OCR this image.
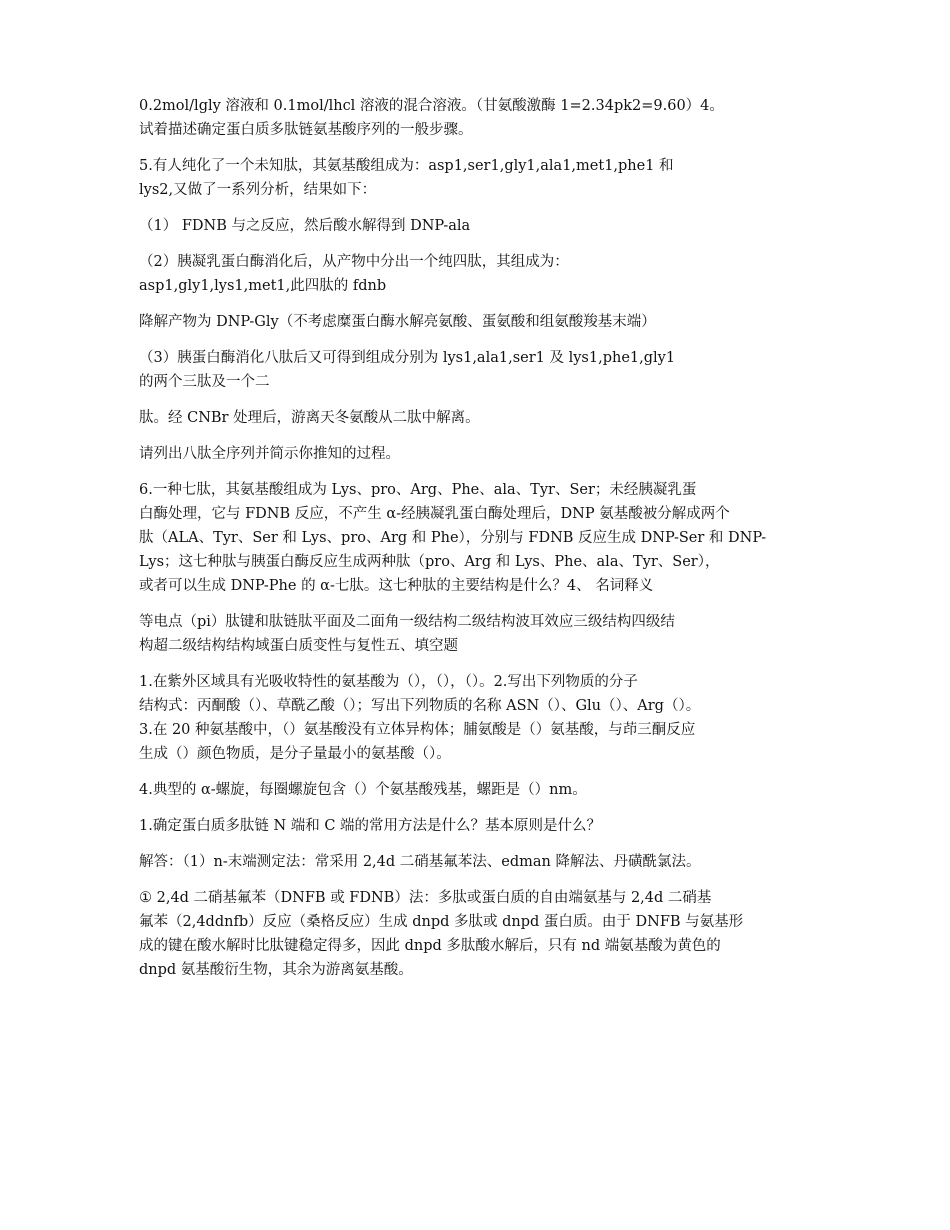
0.2mol/lgly 溶液和 0.1mol/lhcl 溶液的混合溶液。（甘氨酸激酶 1=2.34pk2=9.60）4。
试着描述确定蛋白质多肽链氨基酸序列的一般步骤。
5.有人纯化了一个未知肽，其氨基酸组成为：asp1,ser1,gly1,ala1,met1,phe1 和
lys2,又做了一系列分析，结果如下：
（1） FDNB 与之反应，然后酸水解得到 DNP-ala
（2）胰凝乳蛋白酶消化后，从产物中分出一个纯四肽，其组成为：
asp1,gly1,lys1,met1,此四肽的 fdnb
降解产物为 DNP-Gly（不考虑糜蛋白酶水解亮氨酸、蛋氨酸和组氨酸羧基末端）
（3）胰蛋白酶消化八肽后又可得到组成分别为 lys1,ala1,ser1 及 lys1,phe1,gly1
的两个三肽及一个二
肽。经 CNBr 处理后，游离天冬氨酸从二肽中解离。
请列出八肽全序列并简示你推知的过程。
6.一种七肽，其氨基酸组成为 Lys、pro、Arg、Phe、ala、Tyr、Ser；未经胰凝乳蛋
白酶处理，它与 FDNB 反应，不产生 α-经胰凝乳蛋白酶处理后，DNP 氨基酸被分解成两个
肽（ALA、Tyr、Ser 和 Lys、pro、Arg 和 Phe），分别与 FDNB 反应生成 DNP-Ser 和 DNP-
Lys；这七种肽与胰蛋白酶反应生成两种肽（pro、Arg 和 Lys、Phe、ala、Tyr、Ser），
或者可以生成 DNP-Phe 的 α-七肽。这七种肽的主要结构是什么？4、 名词释义
等电点（pi）肽键和肽链肽平面及二面角一级结构二级结构波耳效应三级结构四级结
构超二级结构结构域蛋白质变性与复性五、填空题
1.在紫外区域具有光吸收特性的氨基酸为（），（），（）。2.写出下列物质的分子
结构式：丙酮酸（）、草酰乙酸（）；写出下列物质的名称 ASN（）、Glu（）、Arg（）。
3.在 20 种氨基酸中，（）氨基酸没有立体异构体；脯氨酸是（）氨基酸，与茚三酮反应
生成（）颜色物质，是分子量最小的氨基酸（）。
4.典型的 α-螺旋，每圈螺旋包含（）个氨基酸残基，螺距是（）nm。
1.确定蛋白质多肽链 N 端和 C 端的常用方法是什么？基本原则是什么？
解答：（1）n-末端测定法：常采用 2,4d 二硝基氟苯法、edman 降解法、丹磺酰氯法。
① 2,4d 二硝基氟苯（DNFB 或 FDNB）法：多肽或蛋白质的自由端氨基与 2,4d 二硝基
氟苯（2,4ddnfb）反应（桑格反应）生成 dnpd 多肽或 dnpd 蛋白质。由于 DNFB 与氨基形
成的键在酸水解时比肽键稳定得多，因此 dnpd 多肽酸水解后，只有 nd 端氨基酸为黄色的
dnpd 氨基酸衍生物，其余为游离氨基酸。
